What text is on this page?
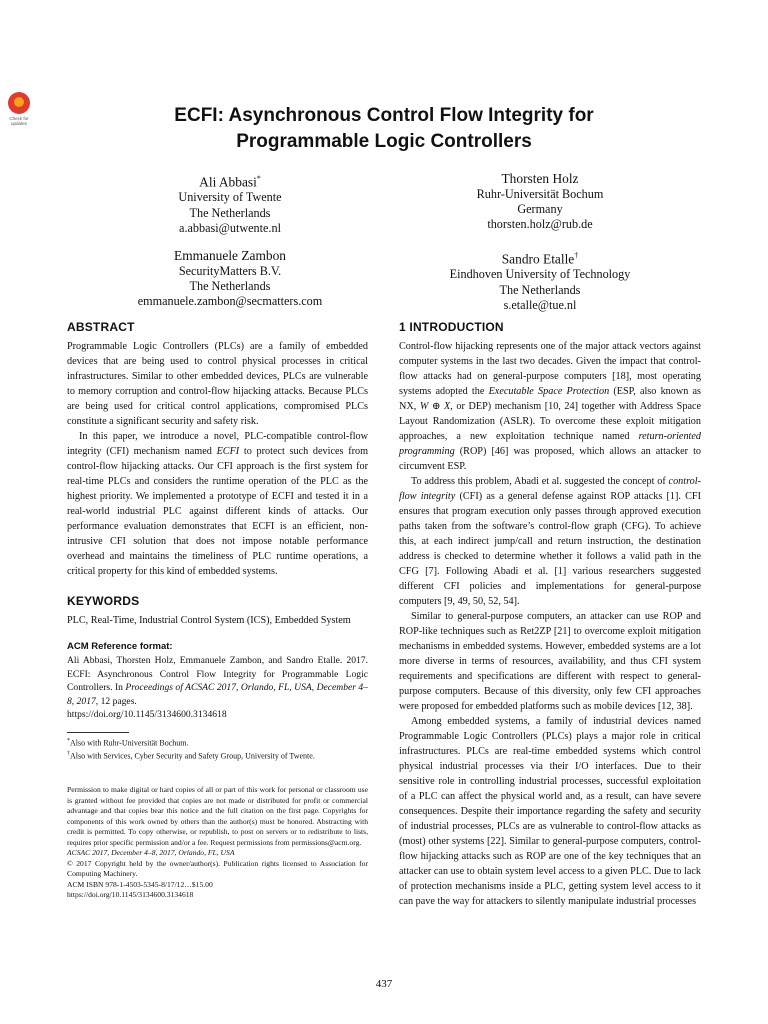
Check for updates	ECFI: Asynchronous Control Flow Integrity for
Programmable Logic Controllers
Ali Abbasi*
University of Twente
The Netherlands
a.abbasi@utwente.nl
Thorsten Holz
Ruhr-Universität Bochum
Germany
thorsten.holz@rub.de
Emmanuele Zambon
SecurityMatters B.V.
The Netherlands
emmanuele.zambon@secmatters.com
Sandro Etalle†
Eindhoven University of Technology
The Netherlands
s.etalle@tue.nl
ABSTRACT

Programmable Logic Controllers (PLCs) are a family of embedded devices that are being used to control physical processes in critical infrastructures. Similar to other embedded devices, PLCs are vulnerable to memory corruption and control-flow hijacking attacks. Because PLCs are being used for critical control applications, compromised PLCs constitute a significant security and safety risk.

In this paper, we introduce a novel, PLC-compatible control-flow integrity (CFI) mechanism named ECFI to protect such devices from control-flow hijacking attacks. Our CFI approach is the first system for real-time PLCs and considers the runtime operation of the PLC as the highest priority. We implemented a prototype of ECFI and tested it in a real-world industrial PLC against different kinds of attacks. Our performance evaluation demonstrates that ECFI is an efficient, non-intrusive CFI solution that does not impose notable performance overhead and maintains the timeliness of PLC runtime operations, a critical property for this kind of embedded systems.

KEYWORDS

PLC, Real-Time, Industrial Control System (ICS), Embedded System

ACM Reference format:
Ali Abbasi, Thorsten Holz, Emmanuele Zambon, and Sandro Etalle. 2017. ECFI: Asynchronous Control Flow Integrity for Programmable Logic Controllers. In Proceedings of ACSAC 2017, Orlando, FL, USA, December 4–8, 2017, 12 pages.
https://doi.org/10.1145/3134600.3134618
*Also with Ruhr-Universität Bochum.
†Also with Services, Cyber Security and Safety Group, University of Twente.
Permission to make digital or hard copies of all or part of this work for personal or classroom use is granted without fee provided that copies are not made or distributed for profit or commercial advantage and that copies bear this notice and the full citation on the first page. Copyrights for components of this work owned by others than the author(s) must be honored. Abstracting with credit is permitted. To copy otherwise, or republish, to post on servers or to redistribute to lists, requires prior specific permission and/or a fee. Request permissions from permissions@acm.org.
ACSAC 2017, December 4–8, 2017, Orlando, FL, USA
© 2017 Copyright held by the owner/author(s). Publication rights licensed to Association for Computing Machinery.
ACM ISBN 978-1-4503-5345-8/17/12…$15.00
https://doi.org/10.1145/3134600.3134618
1 INTRODUCTION

Control-flow hijacking represents one of the major attack vectors against computer systems in the last two decades. Given the impact that control-flow attacks had on general-purpose computers [18], most operating systems adopted the Executable Space Protection (ESP, also known as NX, W ⊕ X, or DEP) mechanism [10, 24] together with Address Space Layout Randomization (ASLR). To overcome these exploit mitigation approaches, a new exploitation technique named return-oriented programming (ROP) [46] was proposed, which allows an attacker to circumvent ESP.

To address this problem, Abadi et al. suggested the concept of control-flow integrity (CFI) as a general defense against ROP attacks [1]. CFI ensures that program execution only passes through approved execution paths taken from the software’s control-flow graph (CFG). To achieve this, at each indirect jump/call and return instruction, the destination address is checked to determine whether it follows a valid path in the CFG [7]. Following Abadi et al. [1] various researchers suggested different CFI policies and implementations for general-purpose computers [9, 49, 50, 52, 54].

Similar to general-purpose computers, an attacker can use ROP and ROP-like techniques such as Ret2ZP [21] to overcome exploit mitigation mechanisms in embedded systems. However, embedded systems are a lot more diverse in terms of resources, availability, and thus CFI system requirements and specifications are different with respect to general-purpose computers. Because of this diversity, only few CFI approaches were proposed for embedded platforms such as mobile devices [12, 38].

Among embedded systems, a family of industrial devices named Programmable Logic Controllers (PLCs) plays a major role in critical infrastructures. PLCs are real-time embedded systems which control physical industrial processes via their I/O interfaces. Due to their sensitive role in controlling industrial processes, successful exploitation of a PLC can affect the physical world and, as a result, can have severe consequences. Despite their importance regarding the safety and security of industrial processes, PLCs are as vulnerable to control-flow attacks as (most) other systems [22]. Similar to general-purpose computers, control-flow hijacking attacks such as ROP are one of the key techniques that an attacker can use to obtain system level access to a given PLC. Due to lack of protection mechanisms inside a PLC, getting system level access to it can pave the way for attackers to silently manipulate industrial processes

437
